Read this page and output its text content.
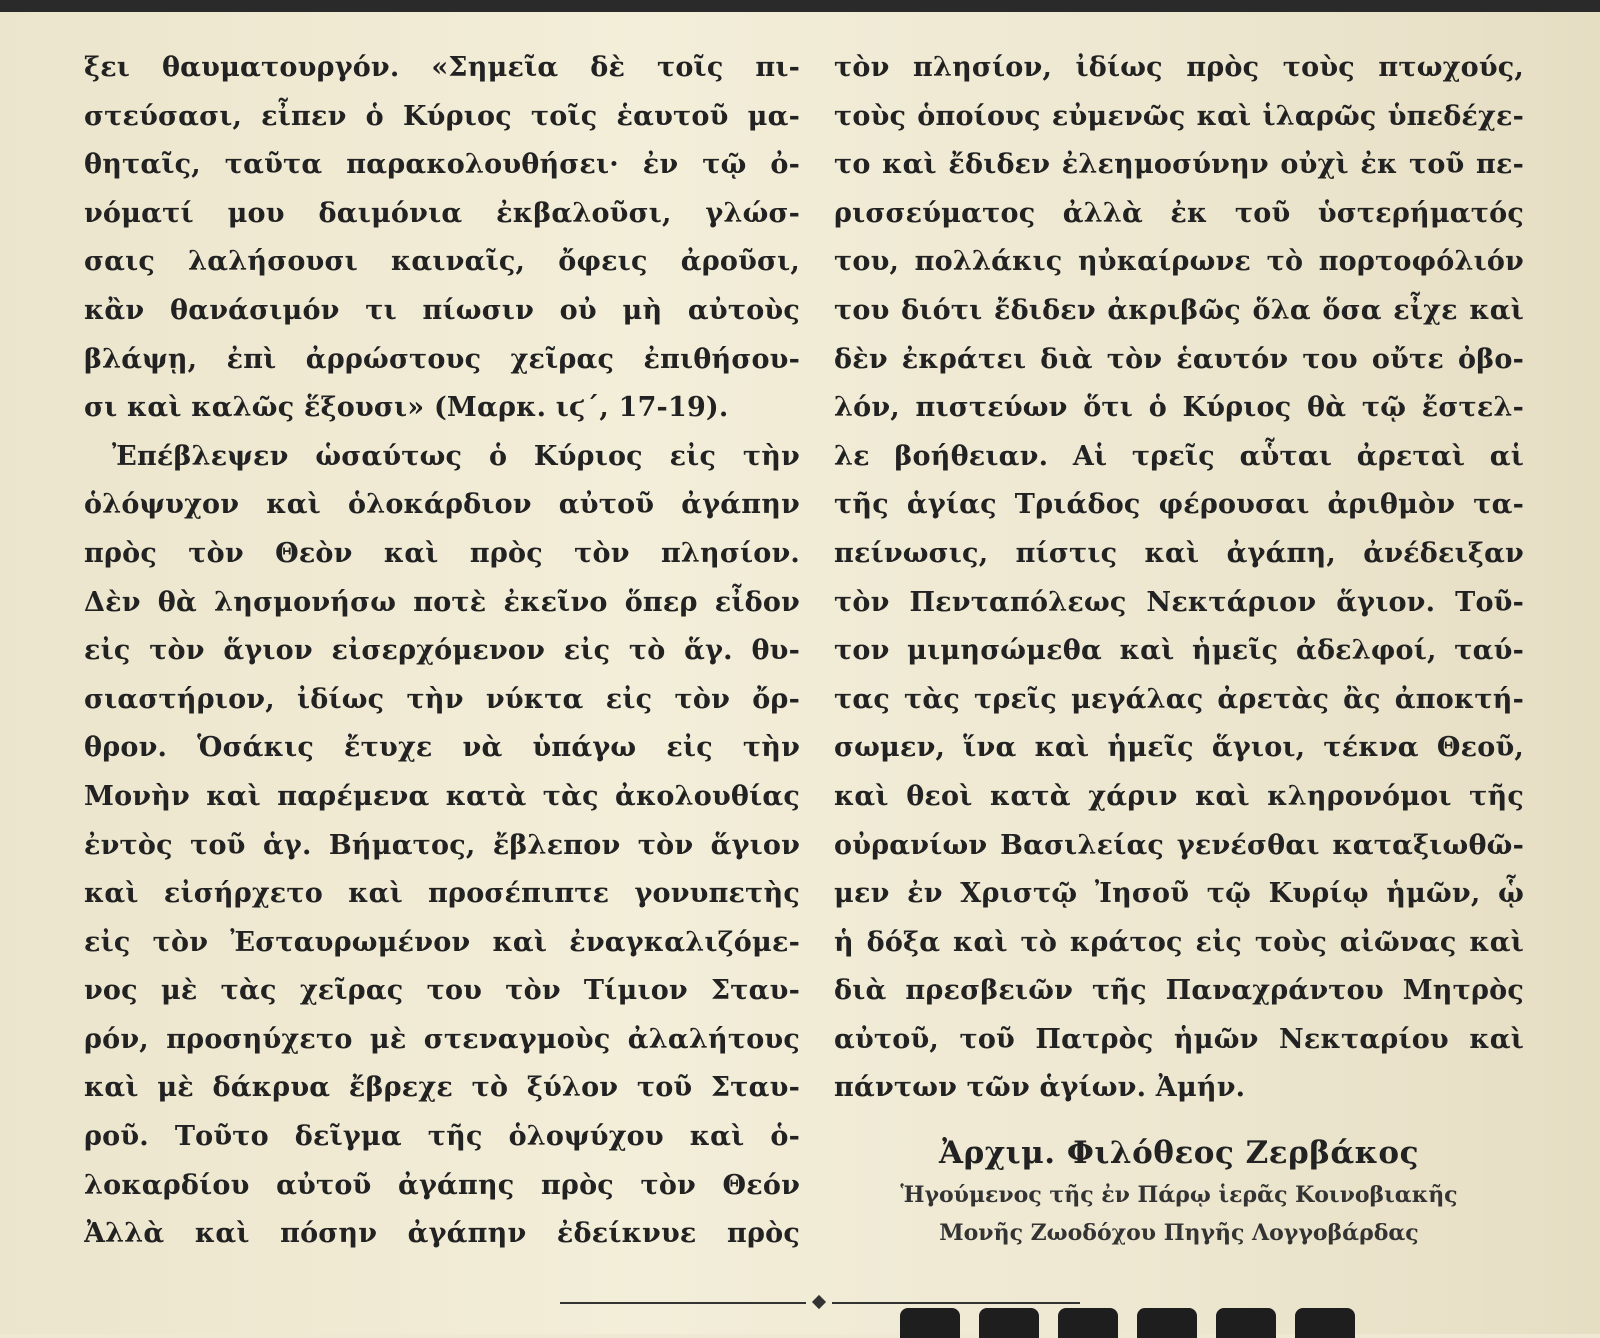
ξει θαυματουργόν. «Σημεῖα δὲ τοῖς πι-
στεύσασι, εἶπεν ὁ Κύριος τοῖς ἑαυτοῦ μα-
θηταῖς, ταῦτα παρακολουθήσει· ἐν τῷ ὀ-
νόματί μου δαιμόνια ἐκβαλοῦσι, γλώσ-
σαις λαλήσουσι καιναῖς, ὄφεις ἀροῦσι,
κἂν θανάσιμόν τι πίωσιν οὐ μὴ αὐτοὺς
βλάψῃ, ἐπὶ ἀρρώστους χεῖρας ἐπιθήσου-
σι καὶ καλῶς ἕξουσι» (Μαρκ. ιϛ΄, 17-19).
Ἐπέβλεψεν ὡσαύτως ὁ Κύριος εἰς τὴν
ὁλόψυχον καὶ ὁλοκάρδιον αὐτοῦ ἀγάπην
πρὸς τὸν Θεὸν καὶ πρὸς τὸν πλησίον.
Δὲν θὰ λησμονήσω ποτὲ ἐκεῖνο ὅπερ εἶδον
εἰς τὸν ἅγιον εἰσερχόμενον εἰς τὸ ἅγ. θυ-
σιαστήριον, ἰδίως τὴν νύκτα εἰς τὸν ὄρ-
θρον. Ὁσάκις ἔτυχε νὰ ὑπάγω εἰς τὴν
Μονὴν καὶ παρέμενα κατὰ τὰς ἀκολουθίας
ἐντὸς τοῦ ἁγ. Βήματος, ἔβλεπον τὸν ἅγιον
καὶ εἰσήρχετο καὶ προσέπιπτε γονυπετὴς
εἰς τὸν Ἐσταυρωμένον καὶ ἐναγκαλιζόμε-
νος μὲ τὰς χεῖρας του τὸν Τίμιον Σταυ-
ρόν, προσηύχετο μὲ στεναγμοὺς ἀλαλήτους
καὶ μὲ δάκρυα ἔβρεχε τὸ ξύλον τοῦ Σταυ-
ροῦ. Τοῦτο δεῖγμα τῆς ὁλοψύχου καὶ ὁ-
λοκαρδίου αὐτοῦ ἀγάπης πρὸς τὸν Θεόν
Ἀλλὰ καὶ πόσην ἀγάπην ἐδείκνυε πρὸς
τὸν πλησίον, ἰδίως πρὸς τοὺς πτωχούς,
τοὺς ὁποίους εὐμενῶς καὶ ἱλαρῶς ὑπεδέχε-
το καὶ ἔδιδεν ἐλεημοσύνην οὐχὶ ἐκ τοῦ πε-
ρισσεύματος ἀλλὰ ἐκ τοῦ ὑστερήματός
του, πολλάκις ηὐκαίρωνε τὸ πορτοφόλιόν
του διότι ἔδιδεν ἀκριβῶς ὅλα ὅσα εἶχε καὶ
δὲν ἐκράτει διὰ τὸν ἑαυτόν του οὔτε ὀβο-
λόν, πιστεύων ὅτι ὁ Κύριος θὰ τῷ ἔστελ-
λε βοήθειαν. Αἱ τρεῖς αὗται ἀρεταὶ αἱ
τῆς ἁγίας Τριάδος φέρουσαι ἀριθμὸν τα-
πείνωσις, πίστις καὶ ἀγάπη, ἀνέδειξαν
τὸν Πενταπόλεως Νεκτάριον ἅγιον. Τοῦ-
τον μιμησώμεθα καὶ ἡμεῖς ἀδελφοί, ταύ-
τας τὰς τρεῖς μεγάλας ἀρετὰς ἂς ἀποκτή-
σωμεν, ἵνα καὶ ἡμεῖς ἅγιοι, τέκνα Θεοῦ,
καὶ θεοὶ κατὰ χάριν καὶ κληρονόμοι τῆς
οὐρανίων Βασιλείας γενέσθαι καταξιωθῶ-
μεν ἐν Χριστῷ Ἰησοῦ τῷ Κυρίῳ ἡμῶν, ᾧ
ἡ δόξα καὶ τὸ κράτος εἰς τοὺς αἰῶνας καὶ
διὰ πρεσβειῶν τῆς Παναχράντου Μητρὸς
αὐτοῦ, τοῦ Πατρὸς ἡμῶν Νεκταρίου καὶ
πάντων τῶν ἁγίων. Ἀμήν.
Ἀρχιμ. Φιλόθεος Ζερβάκος
Ἡγούμενος τῆς ἐν Πάρῳ ἱερᾶς Κοινοβιακῆς
Μονῆς Ζωοδόχου Πηγῆς Λογγοβάρδας
